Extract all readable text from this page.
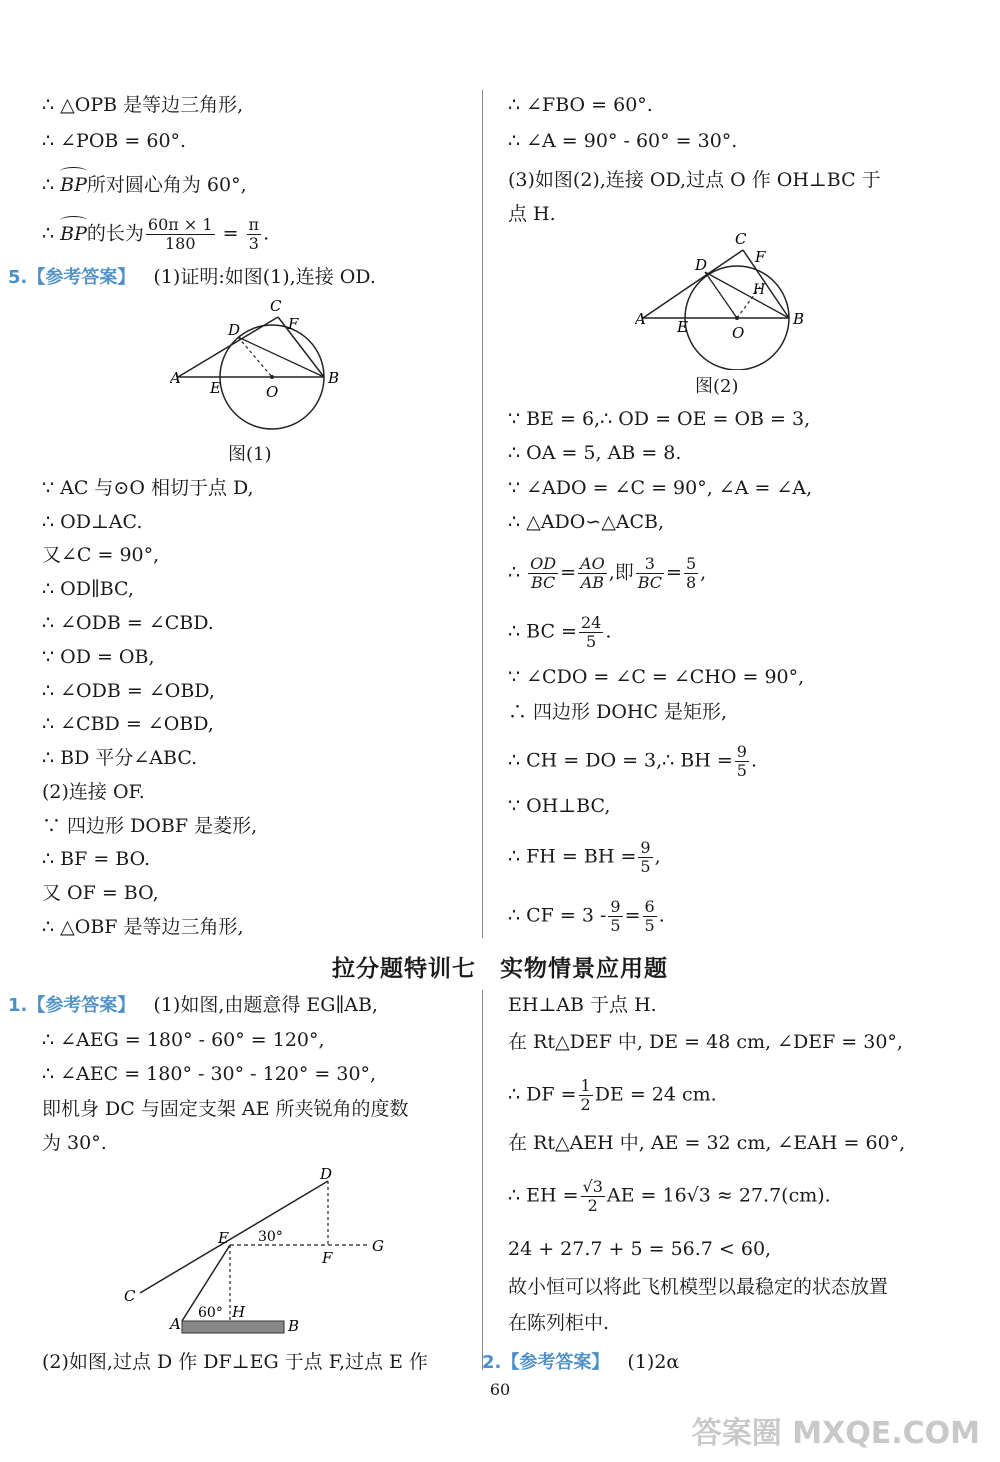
∴ △OPB 是等边三角形,
∴ ∠POB = 60°.
∴ BP所对圆心角为 60°,
∴ BP的长为 $\frac{60\pi \times 1}{180} = \frac{\pi}{3}$ .
5.【参考答案】 (1)证明:如图(1),连接 OD.
A	B
C
D
E
F
O
图(1)
∵ AC 与⊙O 相切于点 D,
∴ OD⊥AC.
又∠C = 90°,
∴ OD∥BC,
∴ ∠ODB = ∠CBD.
∵ OD = OB,
∴ ∠ODB = ∠OBD,
∴ ∠CBD = ∠OBD,
∴ BD 平分∠ABC.
(2)连接 OF.
∵ 四边形 DOBF 是菱形,
∴ BF = BO.
又 OF = BO,
∴ △OBF 是等边三角形,
∴ ∠FBO = 60°.
∴ ∠A = 90° - 60° = 30°.
(3)如图(2),连接 OD,过点 O 作 OH⊥BC 于
点 H.
A	B
C
D
E
F
H
O
图(2)
∵ BE = 6,∴ OD = OE = OB = 3,
∴ OA = 5, AB = 8.
∵ ∠ADO = ∠C = 90°, ∠A = ∠A,
∴ △ADO∽△ACB,
∴ $\frac{OD}{BC} = \frac{AO}{AB}$ ,即 $\frac{3}{BC} = \frac{5}{8}$ ,
∴ BC = $\frac{24}{5}$ .
∵ ∠CDO = ∠C = ∠CHO = 90°,
∴ 四边形 DOHC 是矩形,
∴ CH = DO = 3,∴ BH = $\frac{9}{5}$ .
∵ OH⊥BC,
∴ FH = BH = $\frac{9}{5}$ ,
∴ CF = $3 - \frac{9}{5} = \frac{6}{5}$ .
拉分题特训七　实物情景应用题
1.【参考答案】 (1)如图,由题意得 EG∥AB,
∴ ∠AEG = 180° - 60° = 120°,
∴ ∠AEC = 180° - 30° - 120° = 30°,
即机身 DC 与固定支架 AE 所夹锐角的度数
为 30°.
D
E 30°
F
G
C
60° H
A	B
(2)如图,过点 D 作 DF⊥EG 于点 F,过点 E 作
EH⊥AB 于点 H.
在 Rt△DEF 中, DE = 48 cm, ∠DEF = 30°,
∴ DF = $\frac{1}{2}$ DE = 24 cm.
在 Rt△AEH 中, AE = 32 cm, ∠EAH = 60°,
∴ EH = $\frac{√3}{2}$ AE = 16√3 ≈ 27.7(cm).
24 + 27.7 + 5 = 56.7 < 60,
故小恒可以将此飞机模型以最稳定的状态放置
在陈列柜中.
2.【参考答案】 (1)2α
60
答案圈 MXQE.COM
